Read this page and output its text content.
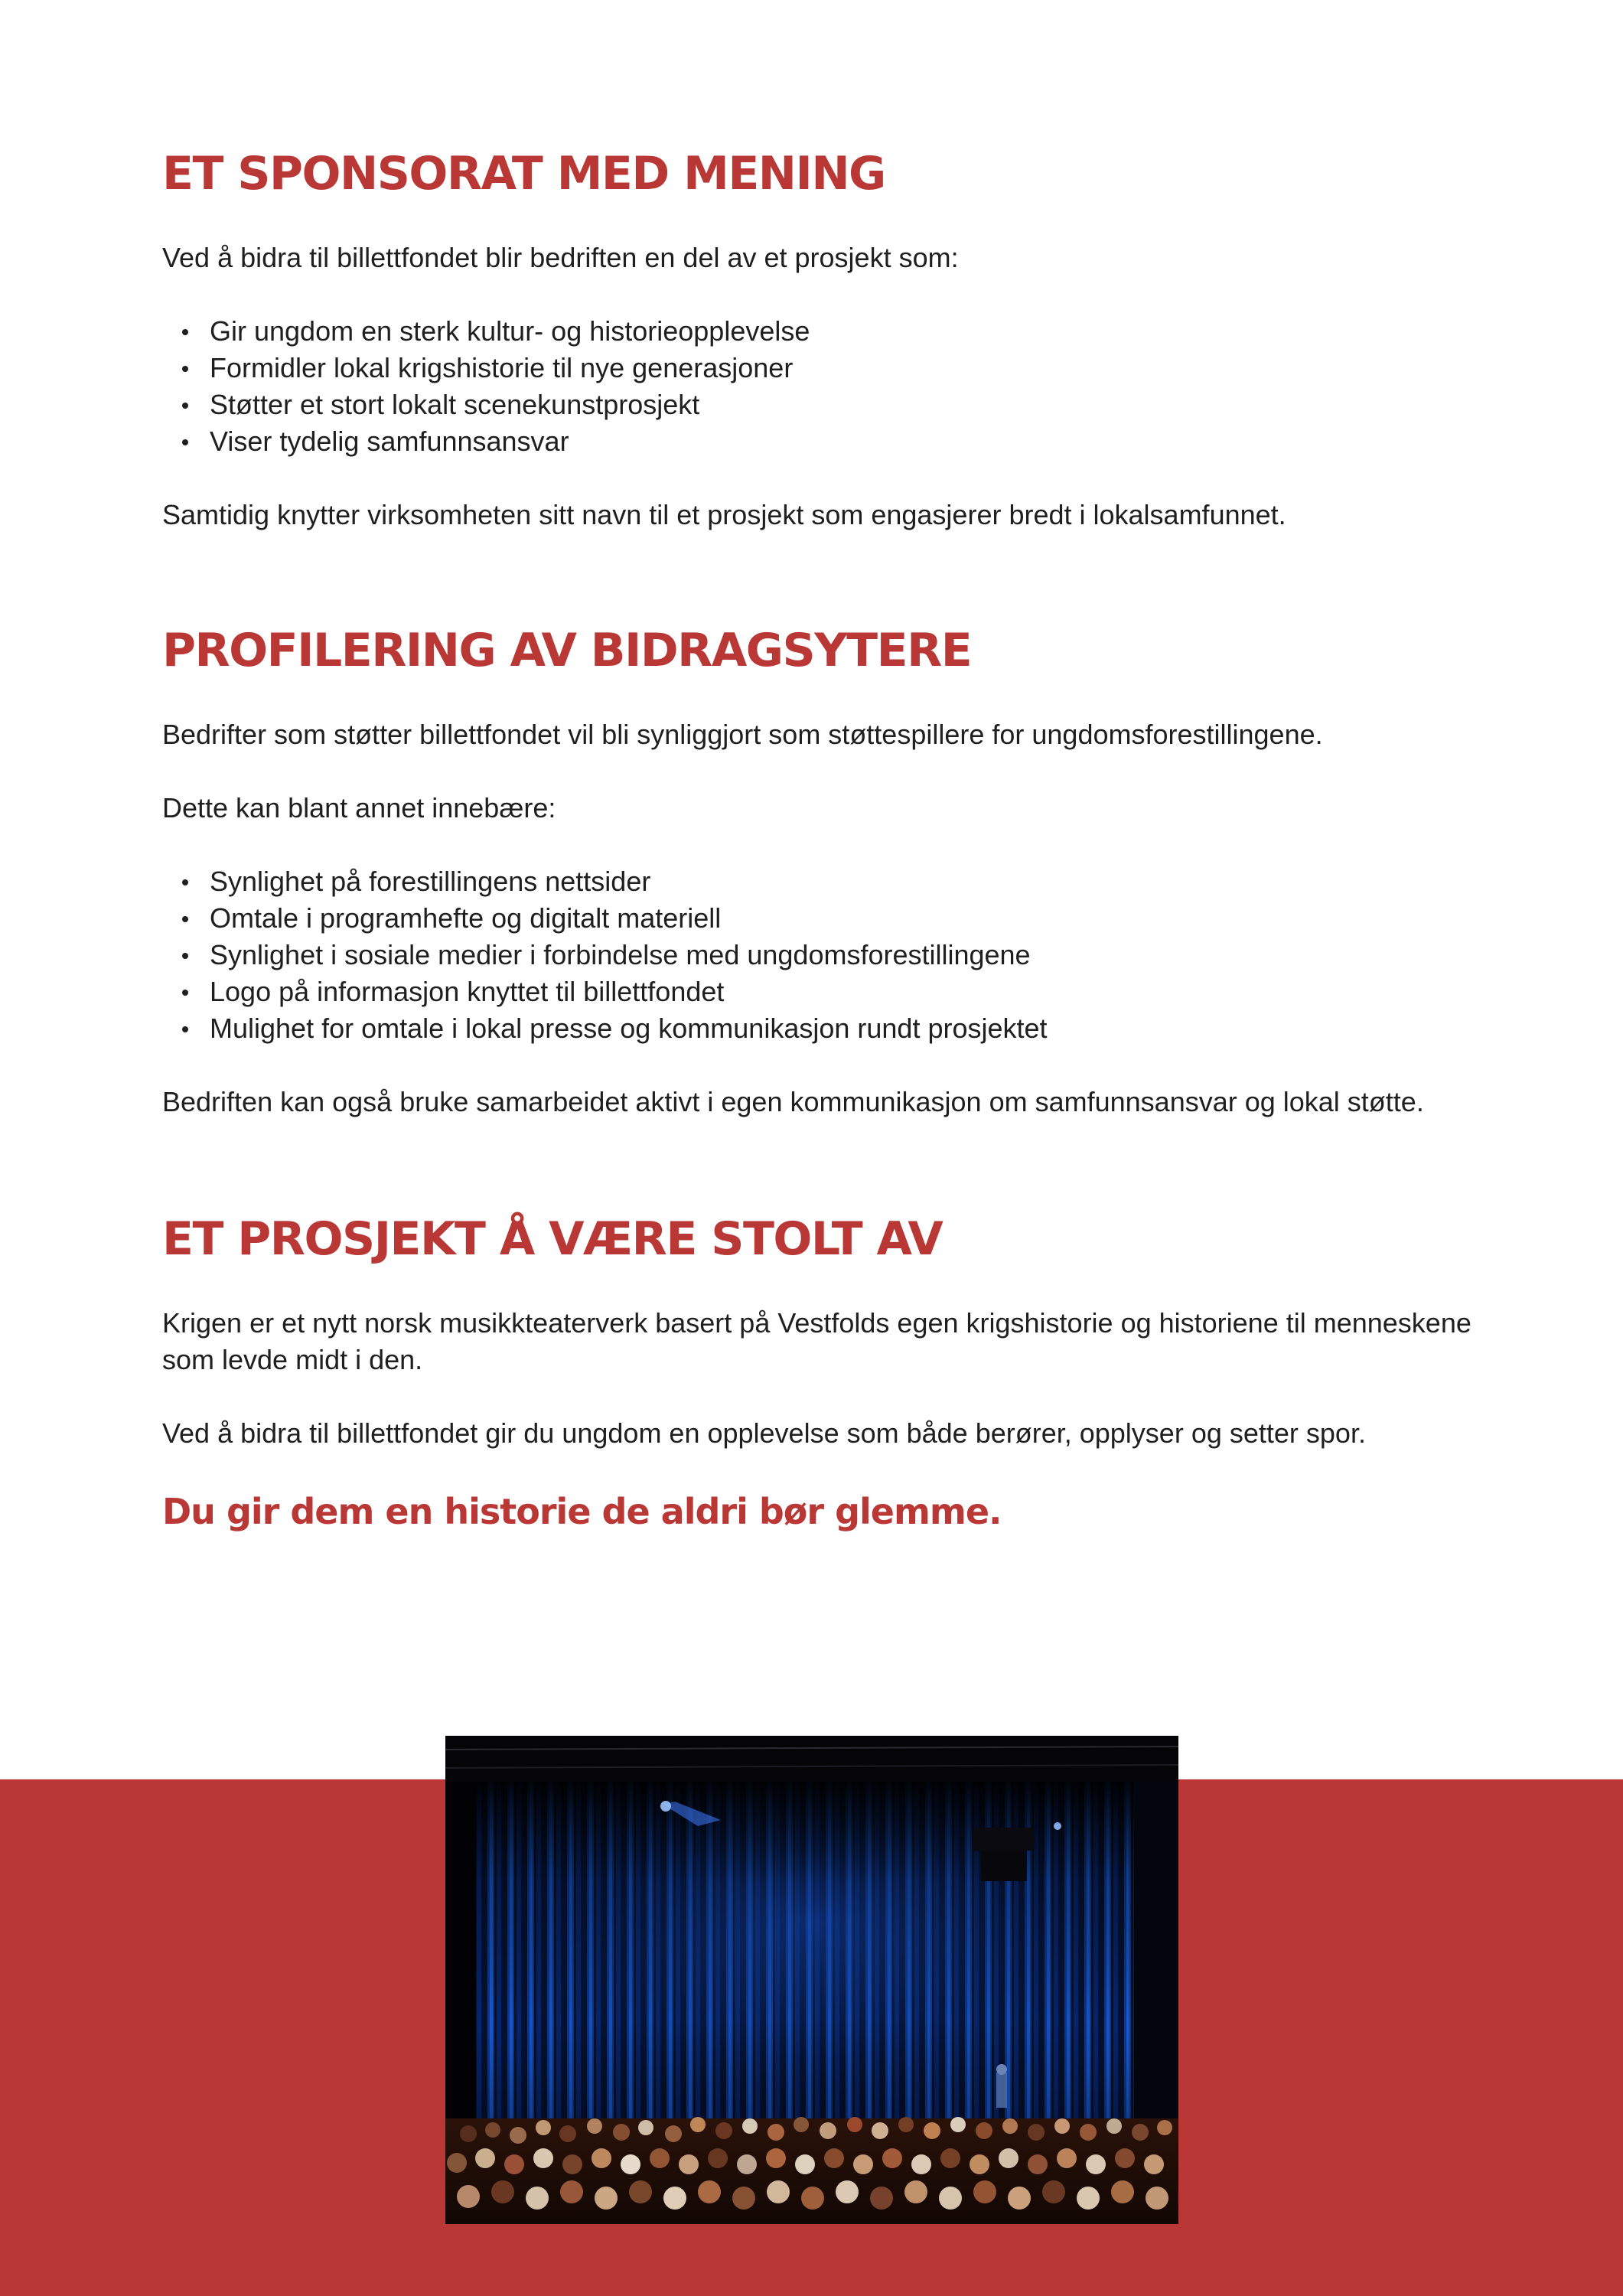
ET SPONSORAT MED MENING

Ved å bidra til billettfondet blir bedriften en del av et prosjekt som:

Gir ungdom en sterk kultur- og historieopplevelse
Formidler lokal krigshistorie til nye generasjoner
Støtter et stort lokalt scenekunstprosjekt
Viser tydelig samfunnsansvar

Samtidig knytter virksomheten sitt navn til et prosjekt som engasjerer bredt i lokalsamfunnet.

PROFILERING AV BIDRAGSYTERE

Bedrifter som støtter billettfondet vil bli synliggjort som støttespillere for ungdomsforestillingene.

Dette kan blant annet innebære:

Synlighet på forestillingens nettsider
Omtale i programhefte og digitalt materiell
Synlighet i sosiale medier i forbindelse med ungdomsforestillingene
Logo på informasjon knyttet til billettfondet
Mulighet for omtale i lokal presse og kommunikasjon rundt prosjektet

Bedriften kan også bruke samarbeidet aktivt i egen kommunikasjon om samfunnsansvar og lokal støtte.

ET PROSJEKT Å VÆRE STOLT AV

Krigen er et nytt norsk musikkteaterverk basert på Vestfolds egen krigshistorie og historiene til menneskene som levde midt i den.

Ved å bidra til billettfondet gir du ungdom en opplevelse som både berører, opplyser og setter spor.

Du gir dem en historie de aldri bør glemme.
